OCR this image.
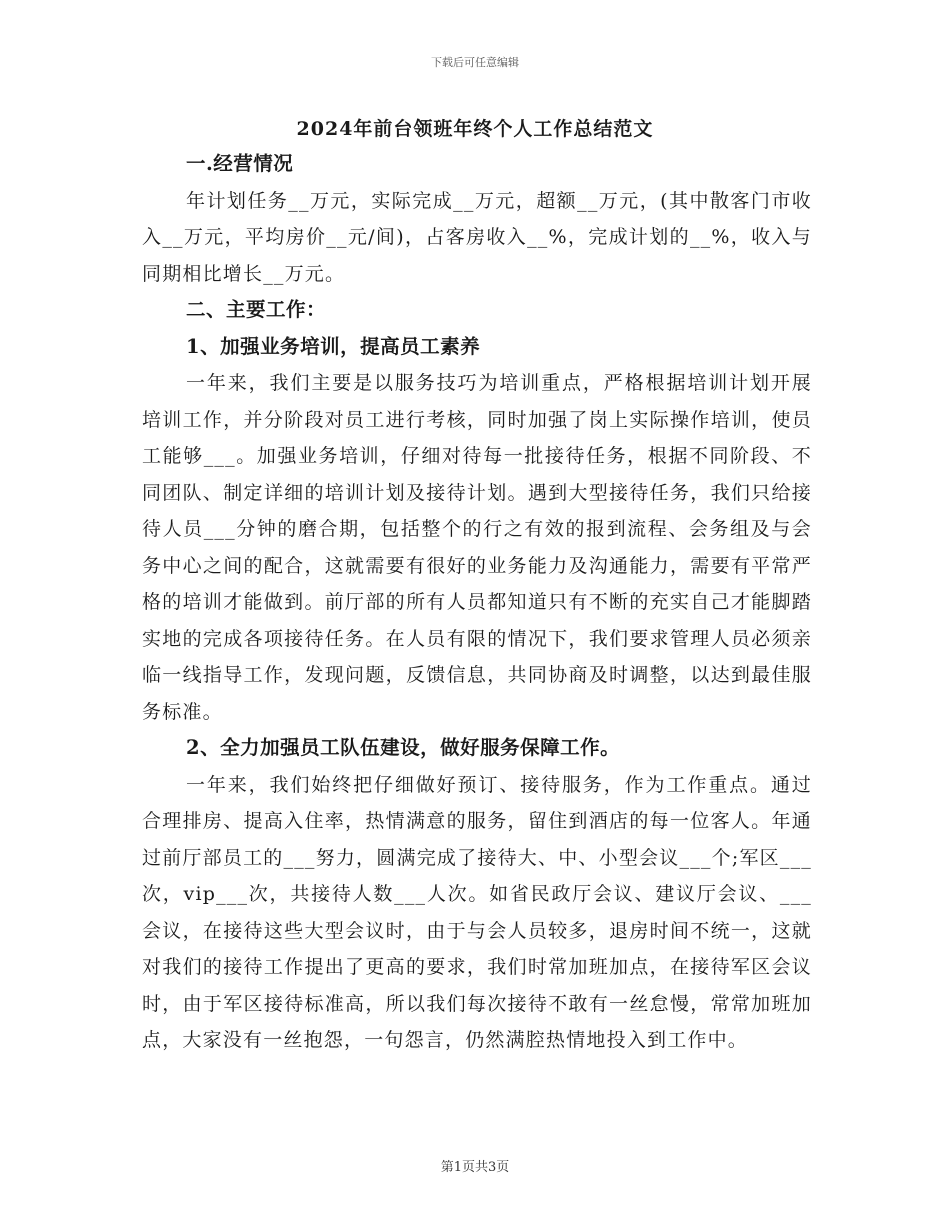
下载后可任意编辑
2024年前台领班年终个人工作总结范文
一.经营情况

年计划任务__万元，实际完成__万元，超额__万元，(其中散客门市收入__万元，平均房价__元/间)，占客房收入__%，完成计划的__%，收入与同期相比增长__万元。

二、主要工作：
1、加强业务培训，提高员工素养

一年来，我们主要是以服务技巧为培训重点，严格根据培训计划开展培训工作，并分阶段对员工进行考核，同时加强了岗上实际操作培训，使员工能够___。加强业务培训，仔细对待每一批接待任务，根据不同阶段、不同团队、制定详细的培训计划及接待计划。遇到大型接待任务，我们只给接待人员___分钟的磨合期，包括整个的行之有效的报到流程、会务组及与会务中心之间的配合，这就需要有很好的业务能力及沟通能力，需要有平常严格的培训才能做到。前厅部的所有人员都知道只有不断的充实自己才能脚踏实地的完成各项接待任务。在人员有限的情况下，我们要求管理人员必须亲临一线指导工作，发现问题，反馈信息，共同协商及时调整，以达到最佳服务标准。

2、全力加强员工队伍建设，做好服务保障工作。

一年来，我们始终把仔细做好预订、接待服务，作为工作重点。通过合理排房、提高入住率，热情满意的服务，留住到酒店的每一位客人。年通过前厅部员工的___努力，圆满完成了接待大、中、小型会议___个;军区___次，vip___次，共接待人数___人次。如省民政厅会议、建议厅会议、___会议，在接待这些大型会议时，由于与会人员较多，退房时间不统一，这就对我们的接待工作提出了更高的要求，我们时常加班加点，在接待军区会议时，由于军区接待标准高，所以我们每次接待不敢有一丝怠慢，常常加班加点，大家没有一丝抱怨，一句怨言，仍然满腔热情地投入到工作中。

第1页共3页
